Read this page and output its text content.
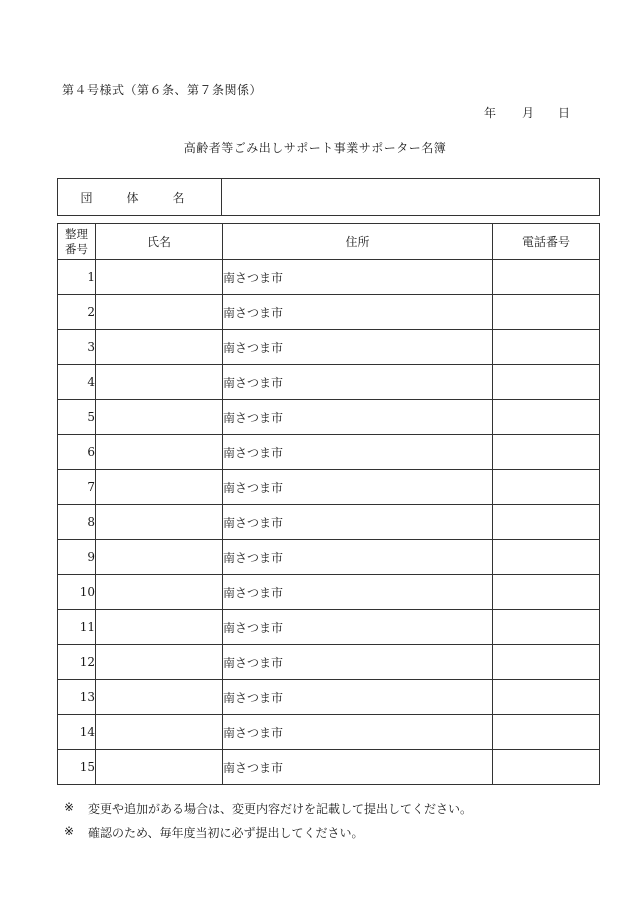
第４号様式（第６条、第７条関係）
年 月 日
高齢者等ごみ出しサポート事業サポーター名簿
団体名
整理
番号	氏名	住所	電話番号
1		南さつま市	
2		南さつま市	
3		南さつま市	
4		南さつま市	
5		南さつま市	
6		南さつま市	
7		南さつま市	
8		南さつま市	
9		南さつま市	
10		南さつま市	
11		南さつま市	
12		南さつま市	
13		南さつま市	
14		南さつま市	
15		南さつま市	
※	変更や追加がある場合は、変更内容だけを記載して提出してください。
※	確認のため、毎年度当初に必ず提出してください。
